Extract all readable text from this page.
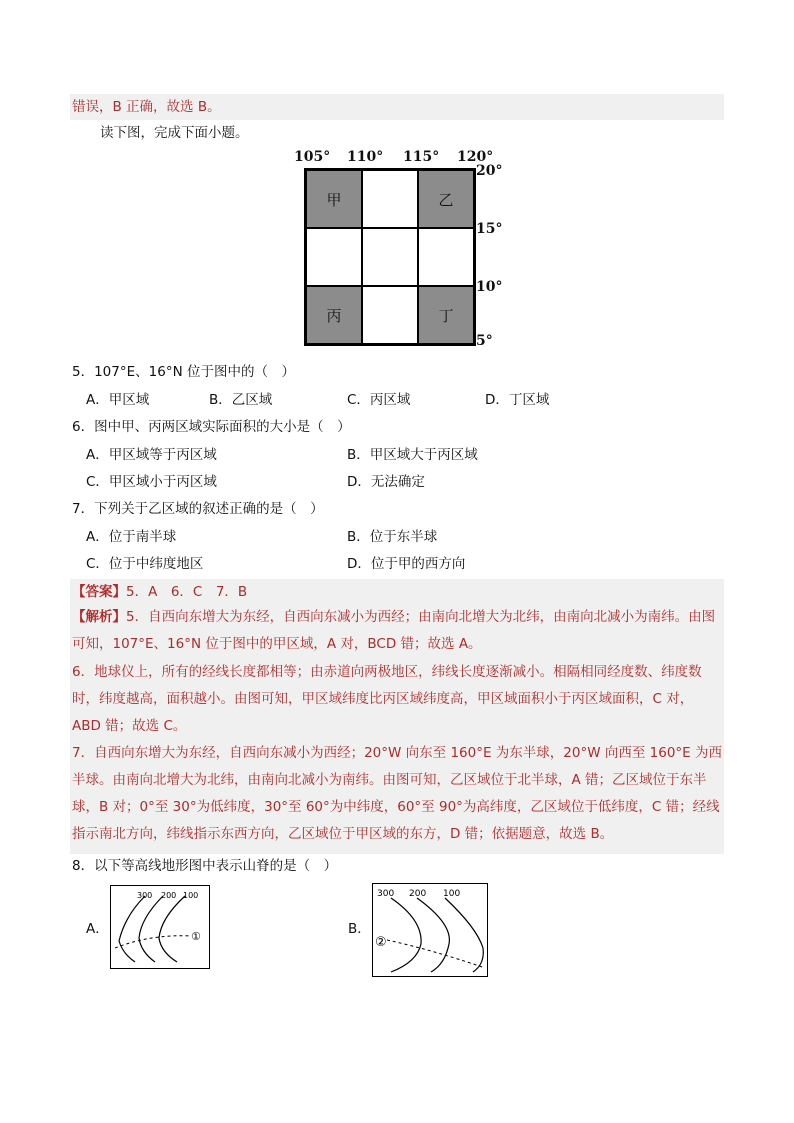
错误，B 正确，故选 B。
读下图，完成下面小题。
105° 110° 115° 120°
20°
15°
10°
5°
甲	乙
丙	丁
5．107°E、16°N 位于图中的（　）
A．甲区域	B．乙区域	C．丙区域	D．丁区域
6．图中甲、丙两区域实际面积的大小是（　）
A．甲区域等于丙区域	B．甲区域大于丙区域
C．甲区域小于丙区域	D．无法确定
7．下列关于乙区域的叙述正确的是（　）
A．位于南半球	B．位于东半球
C．位于中纬度地区	D．位于甲的西方向
【答案】5．A　6．C　7．B
【解析】5．自西向东增大为东经，自西向东减小为西经；由南向北增大为北纬，由南向北减小为南纬。由图可知，107°E、16°N 位于图中的甲区域，A 对，BCD 错；故选 A。
6．地球仪上，所有的经线长度都相等；由赤道向两极地区，纬线长度逐渐减小。相隔相同经度数、纬度数时，纬度越高，面积越小。由图可知，甲区域纬度比丙区域纬度高，甲区域面积小于丙区域面积，C 对，ABD 错；故选 C。
7．自西向东增大为东经，自西向东减小为西经；20°W 向东至 160°E 为东半球，20°W 向西至 160°E 为西半球。由南向北增大为北纬，由南向北减小为南纬。由图可知，乙区域位于北半球，A 错；乙区域位于东半球，B 对；0°至 30°为低纬度，30°至 60°为中纬度，60°至 90°为高纬度，乙区域位于低纬度，C 错；经线指示南北方向，纬线指示东西方向，乙区域位于甲区域的东方，D 错；依据题意，故选 B。
8．以下等高线地形图中表示山脊的是（　）
A．
300 200 100
①	B．
300 200 100
②
